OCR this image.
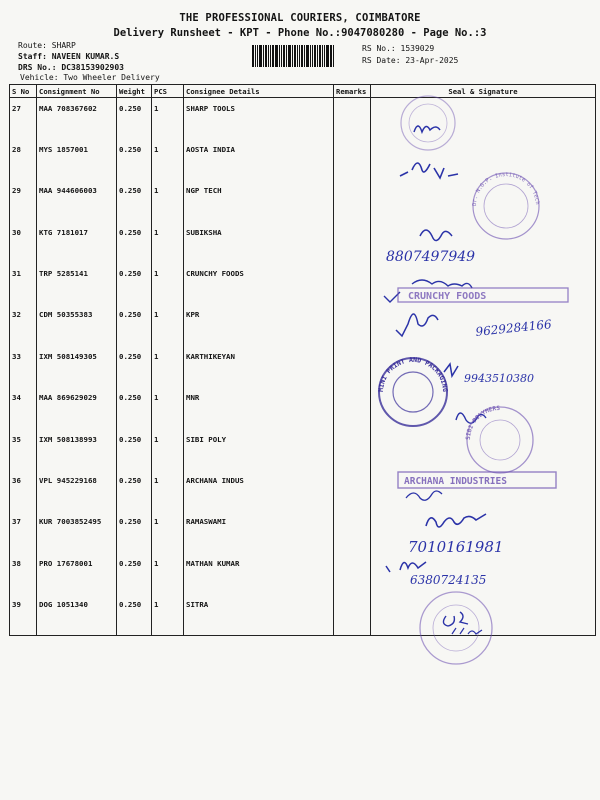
THE PROFESSIONAL COURIERS, COIMBATORE
Delivery Runsheet - KPT - Phone No.:9047080280 - Page No.:3
Route: SHARP
Staff: NAVEEN KUMAR.S
DRS No.: DC3815390290​3
Vehicle: Two Wheeler Delivery
RS No.: 1539029
RS Date: 23-Apr-2025
S No	Consignment No	Weight	PCS	Consignee Details	Remarks	Seal & Signature
27	MAA 708367602	0.250	1	SHARP TOOLS		
28	MYS 1857001	0.250	1	AOSTA INDIA		
29	MAA 944606003	0.250	1	NGP TECH		
30	KTG 7181017	0.250	1	SUBIKSHA		
31	TRP 5285141	0.250	1	CRUNCHY FOODS		
32	CDM 50355383	0.250	1	KPR		
33	IXM 508149305	0.250	1	KARTHIKEYAN		
34	MAA 869629029	0.250	1	MNR		
35	IXM 508138993	0.250	1	SIBI POLY		
36	VPL 945229168	0.250	1	ARCHANA INDUS		
37	KUR 7003852495	0.250	1	RAMASWAMI		
38	PRO 17678001	0.250	1	MATHAN KUMAR		
39	DOG 1051340	0.250	1	SITRA		
Dr. N.G.P. Institute of Tech
8807497949
CRUNCHY FOODS
9629284166
MINI PRINT AND PACKAGING
9943510380
SIBI POLYMERS
ARCHANA INDUSTRIES
7010161981
6380724135
